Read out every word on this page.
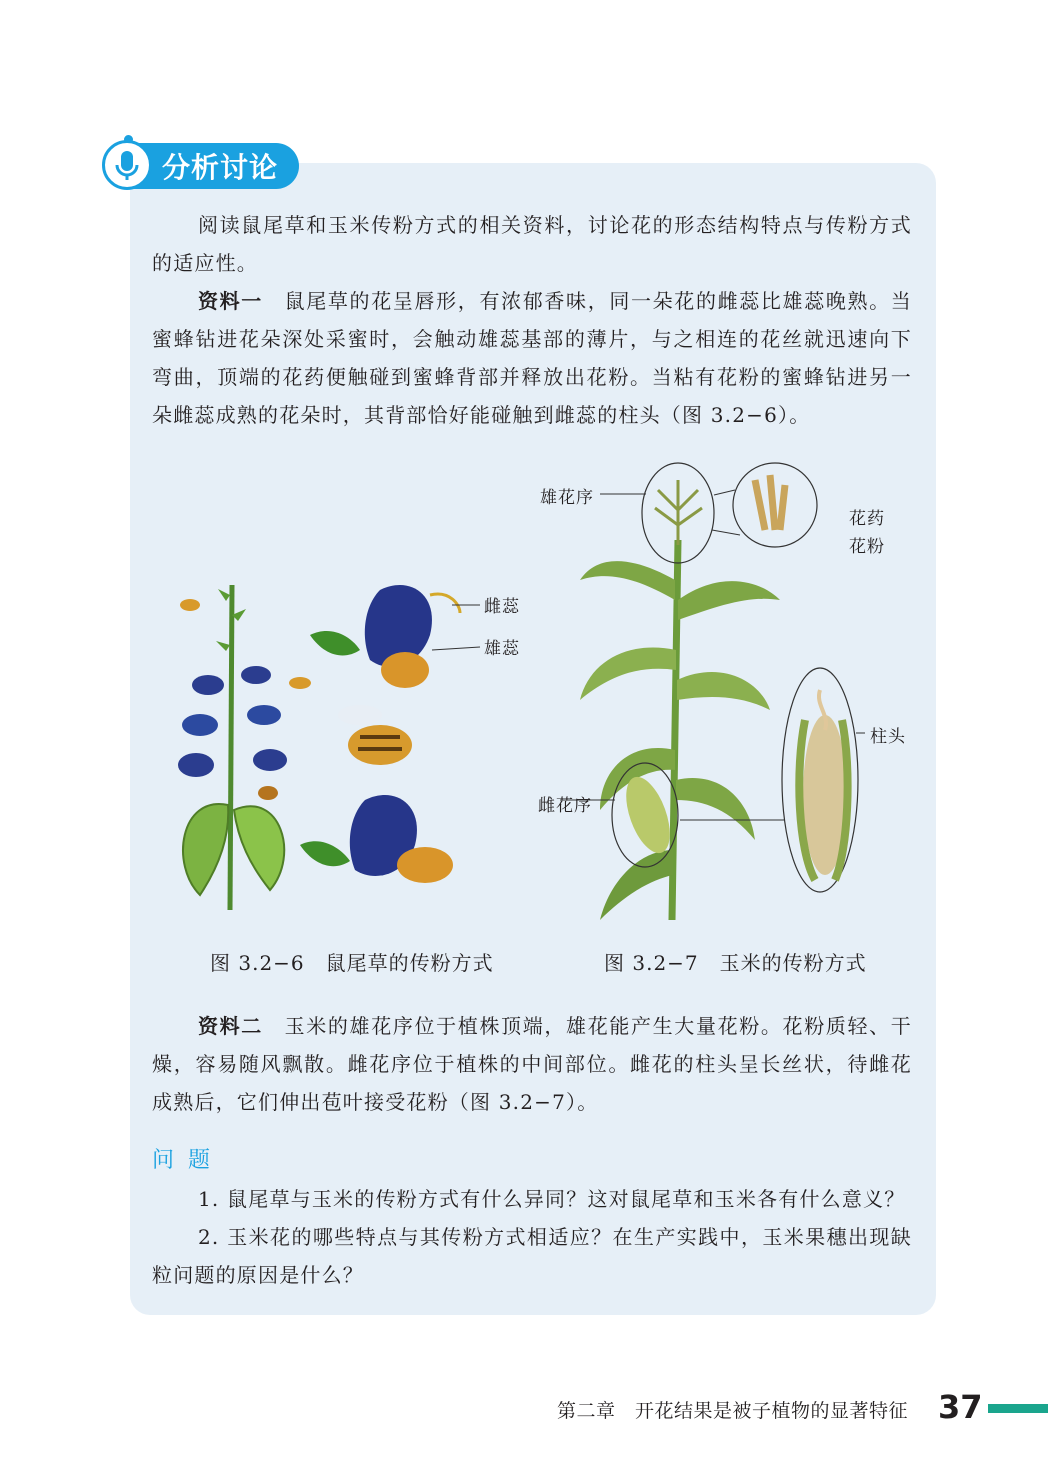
分析讨论
阅读鼠尾草和玉米传粉方式的相关资料，讨论花的形态结构特点与传粉方式的适应性。
资料一　 鼠尾草的花呈唇形，有浓郁香味，同一朵花的雌蕊比雄蕊晚熟。当蜜蜂钻进花朵深处采蜜时，会触动雄蕊基部的薄片，与之相连的花丝就迅速向下弯曲，顶端的花药便触碰到蜜蜂背部并释放出花粉。当粘有花粉的蜜蜂钻进另一朵雌蕊成熟的花朵时，其背部恰好能碰触到雌蕊的柱头（图 3.2−6）。
雌蕊
雄蕊
雄花序
花药
花粉
柱头
雌花序
图 3.2−6　鼠尾草的传粉方式	图 3.2−7　玉米的传粉方式
资料二　 玉米的雄花序位于植株顶端，雄花能产生大量花粉。花粉质轻、干燥，容易随风飘散。雌花序位于植株的中间部位。雌花的柱头呈长丝状，待雌花成熟后，它们伸出苞叶接受花粉（图 3.2−7）。
问题
1. 鼠尾草与玉米的传粉方式有什么异同？这对鼠尾草和玉米各有什么意义？
2. 玉米花的哪些特点与其传粉方式相适应？在生产实践中，玉米果穗出现缺粒问题的原因是什么？
第二章　开花结果是被子植物的显著特征 37
